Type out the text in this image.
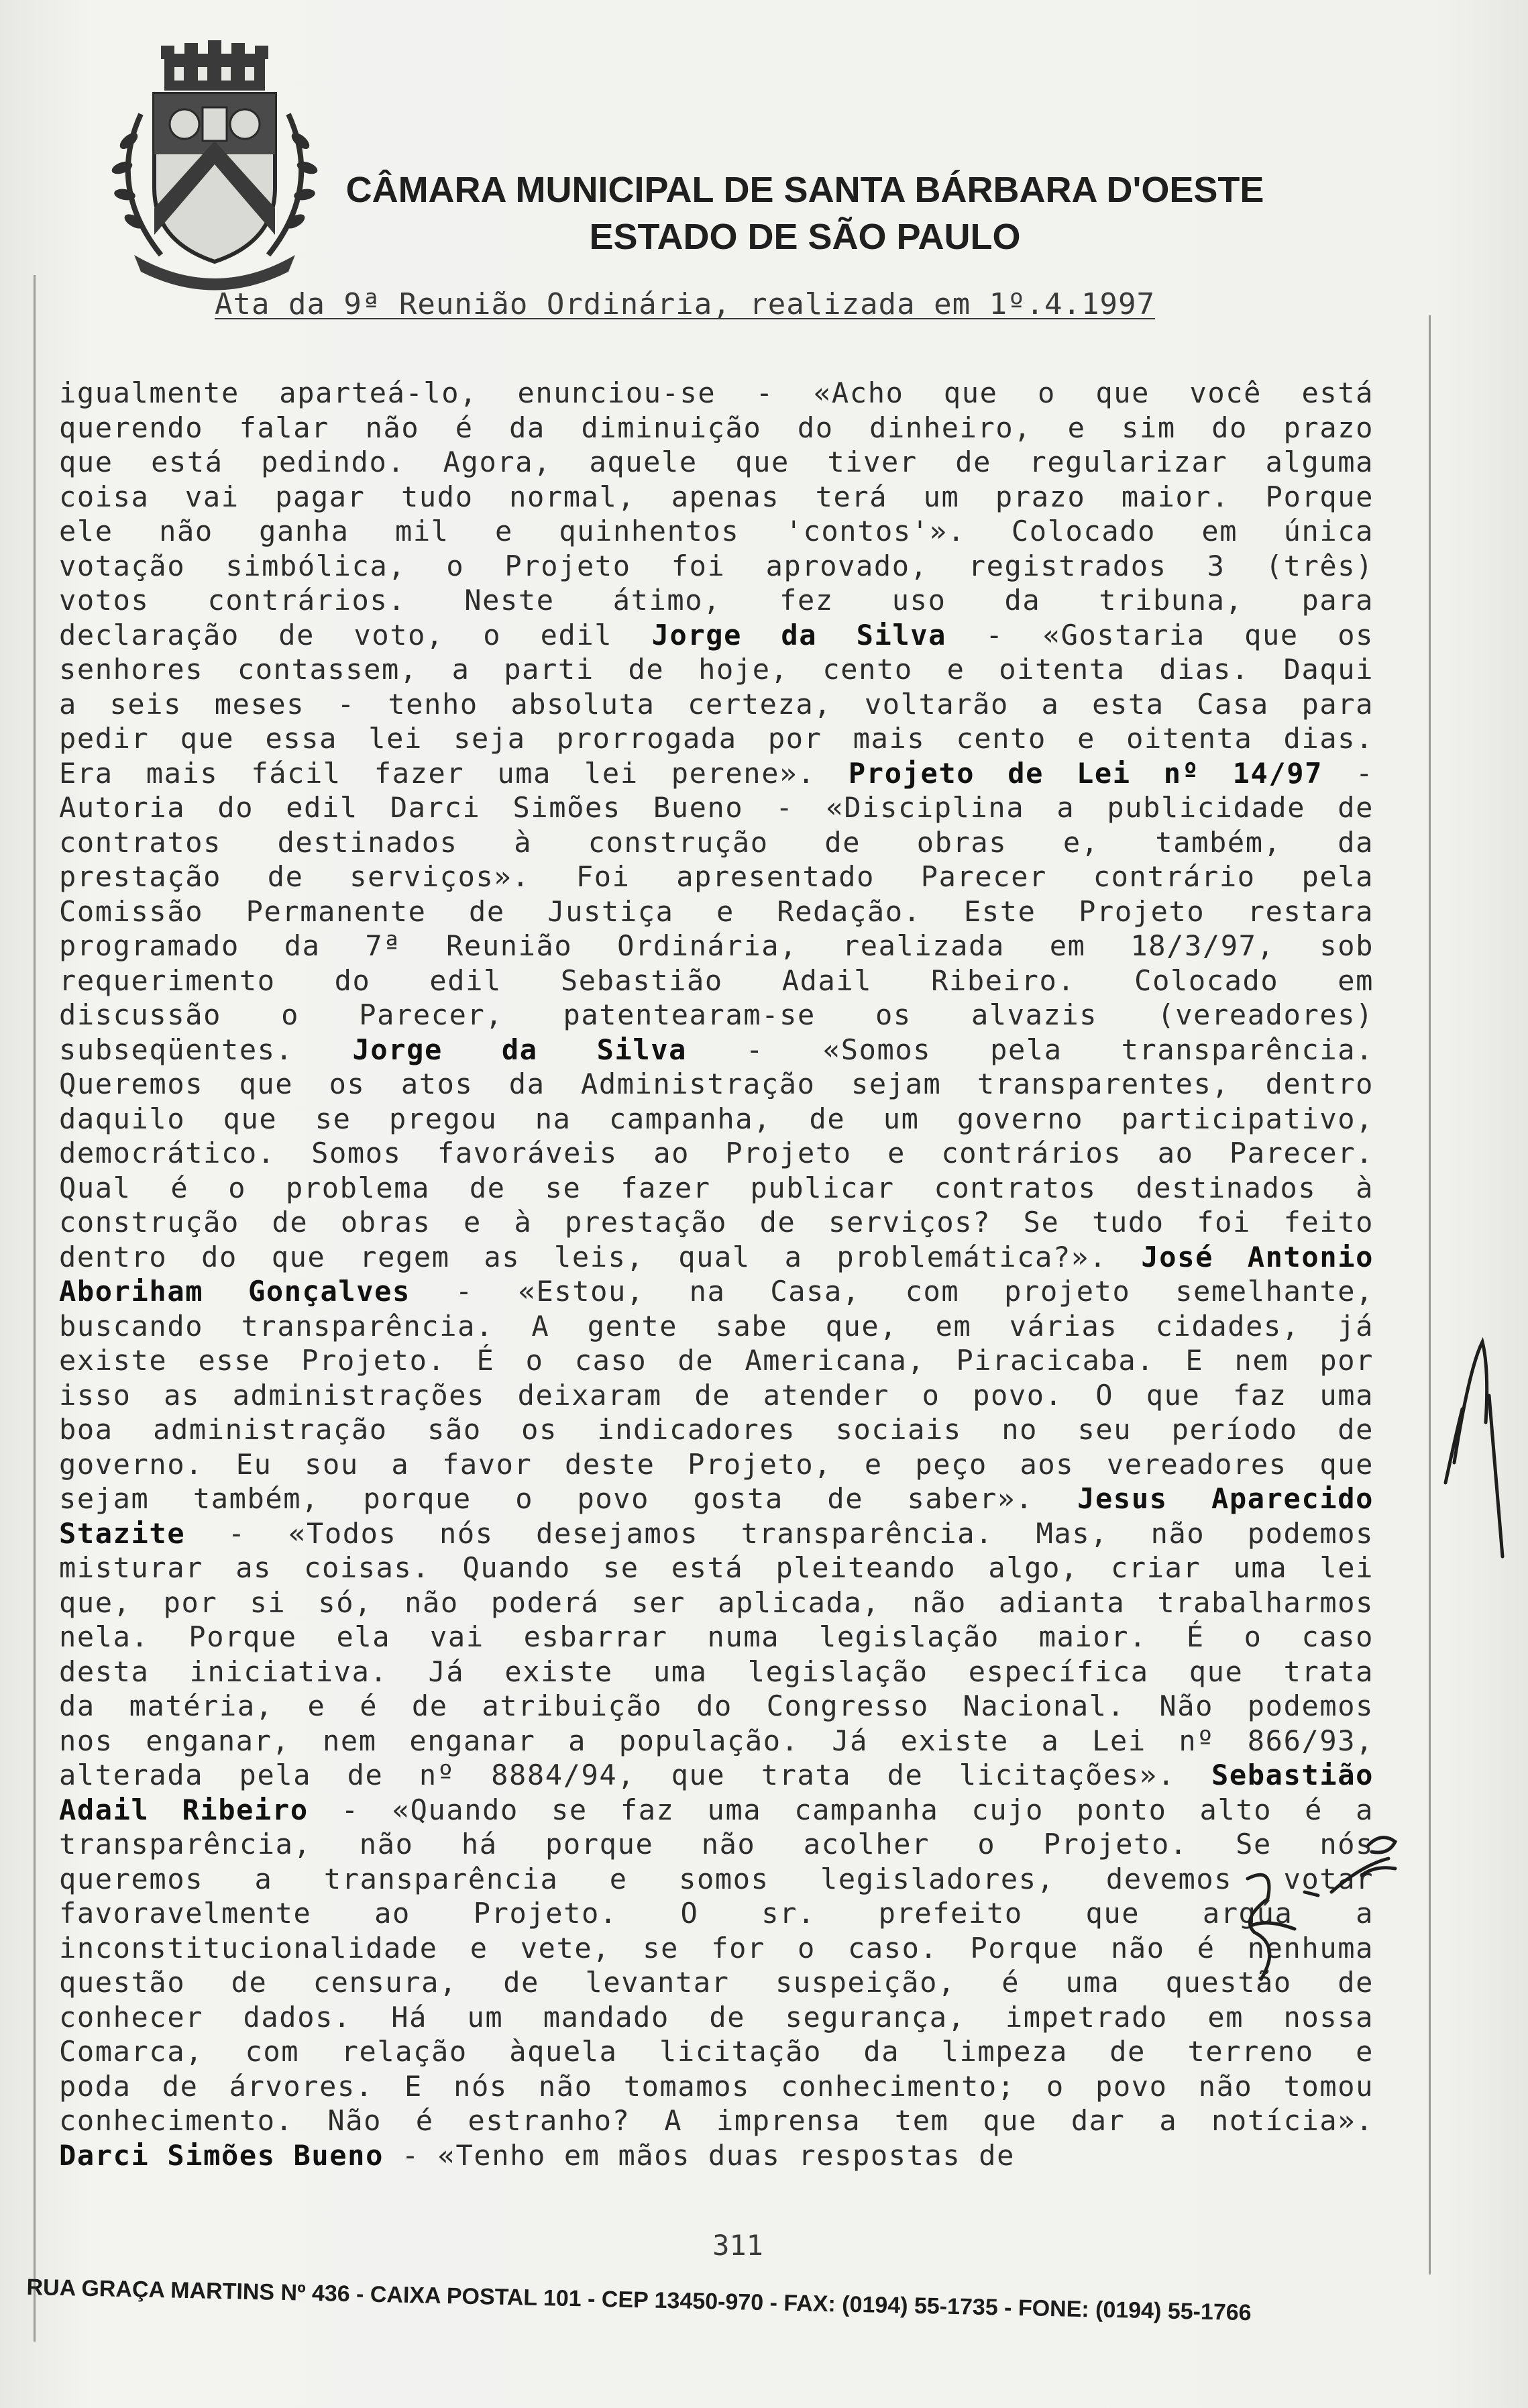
CÂMARA MUNICIPAL DE SANTA BÁRBARA D'OESTE
ESTADO DE SÃO PAULO
Ata da 9ª Reunião Ordinária, realizada em 1º.4.1997
igualmente aparteá-lo, enunciou-se - «Acho que o que você está
querendo falar não é da diminuição do dinheiro, e sim do prazo
que está pedindo. Agora, aquele que tiver de regularizar alguma
coisa vai pagar tudo normal, apenas terá um prazo maior. Porque
ele não ganha mil e quinhentos 'contos'». Colocado em única
votação simbólica, o Projeto foi aprovado, registrados 3 (três)
votos contrários. Neste átimo, fez uso da tribuna, para
declaração de voto, o edil Jorge da Silva - «Gostaria que os
senhores contassem, a parti de hoje, cento e oitenta dias. Daqui
a seis meses - tenho absoluta certeza, voltarão a esta Casa para
pedir que essa lei seja prorrogada por mais cento e oitenta dias.
Era mais fácil fazer uma lei perene». Projeto de Lei nº 14/97 -
Autoria do edil Darci Simões Bueno - «Disciplina a publicidade de
contratos destinados à construção de obras e, também, da
prestação de serviços». Foi apresentado Parecer contrário pela
Comissão Permanente de Justiça e Redação. Este Projeto restara
programado da 7ª Reunião Ordinária, realizada em 18/3/97, sob
requerimento do edil Sebastião Adail Ribeiro. Colocado em
discussão o Parecer, patentearam-se os alvazis (vereadores)
subseqüentes. Jorge da Silva - «Somos pela transparência.
Queremos que os atos da Administração sejam transparentes, dentro
daquilo que se pregou na campanha, de um governo participativo,
democrático. Somos favoráveis ao Projeto e contrários ao Parecer.
Qual é o problema de se fazer publicar contratos destinados à
construção de obras e à prestação de serviços? Se tudo foi feito
dentro do que regem as leis, qual a problemática?». José Antonio
Aboriham Gonçalves - «Estou, na Casa, com projeto semelhante,
buscando transparência. A gente sabe que, em várias cidades, já
existe esse Projeto. É o caso de Americana, Piracicaba. E nem por
isso as administrações deixaram de atender o povo. O que faz uma
boa administração são os indicadores sociais no seu período de
governo. Eu sou a favor deste Projeto, e peço aos vereadores que
sejam também, porque o povo gosta de saber». Jesus Aparecido
Stazite - «Todos nós desejamos transparência. Mas, não podemos
misturar as coisas. Quando se está pleiteando algo, criar uma lei
que, por si só, não poderá ser aplicada, não adianta trabalharmos
nela. Porque ela vai esbarrar numa legislação maior. É o caso
desta iniciativa. Já existe uma legislação específica que trata
da matéria, e é de atribuição do Congresso Nacional. Não podemos
nos enganar, nem enganar a população. Já existe a Lei nº 866/93,
alterada pela de nº 8884/94, que trata de licitações». Sebastião
Adail Ribeiro - «Quando se faz uma campanha cujo ponto alto é a
transparência, não há porque não acolher o Projeto. Se nós
queremos a transparência e somos legisladores, devemos votar
favoravelmente ao Projeto. O sr. prefeito que argúa a
inconstitucionalidade e vete, se for o caso. Porque não é nenhuma
questão de censura, de levantar suspeição, é uma questão de
conhecer dados. Há um mandado de segurança, impetrado em nossa
Comarca, com relação àquela licitação da limpeza de terreno e
poda de árvores. E nós não tomamos conhecimento; o povo não tomou
conhecimento. Não é estranho? A imprensa tem que dar a notícia».
Darci Simões Bueno - «Tenho em mãos duas respostas de
311
RUA GRAÇA MARTINS Nº 436 - CAIXA POSTAL 101 - CEP 13450-970 - FAX: (0194) 55-1735 - FONE: (0194) 55-1766
